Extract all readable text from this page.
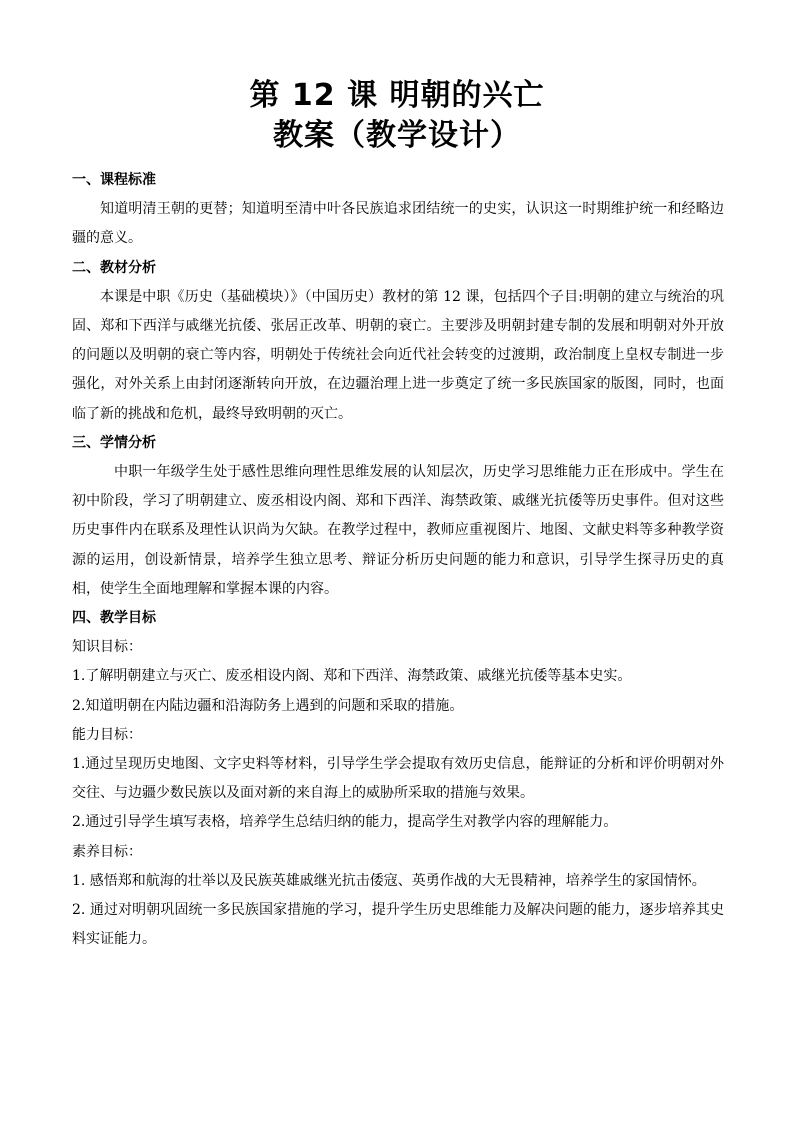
第 12 课 明朝的兴亡
教案（教学设计）

一、课程标准

知道明清王朝的更替；知道明至清中叶各民族追求团结统一的史实，认识这一时期维护统一和经略边疆的意义。

二、教材分析

本课是中职《历史（基础模块）》（中国历史）教材的第 12 课，包括四个子目:明朝的建立与统治的巩固、郑和下西洋与戚继光抗倭、张居正改革、明朝的衰亡。主要涉及明朝封建专制的发展和明朝对外开放的问题以及明朝的衰亡等内容，明朝处于传统社会向近代社会转变的过渡期，政治制度上皇权专制进一步强化，对外关系上由封闭逐渐转向开放，在边疆治理上进一步奠定了统一多民族国家的版图，同时，也面临了新的挑战和危机，最终导致明朝的灭亡。

三、学情分析

中职一年级学生处于感性思维向理性思维发展的认知层次，历史学习思维能力正在形成中。学生在初中阶段，学习了明朝建立、废丞相设内阁、郑和下西洋、海禁政策、戚继光抗倭等历史事件。但对这些历史事件内在联系及理性认识尚为欠缺。在教学过程中，教师应重视图片、地图、文献史料等多种教学资源的运用，创设新情景，培养学生独立思考、辩证分析历史问题的能力和意识，引导学生探寻历史的真相，使学生全面地理解和掌握本课的内容。

四、教学目标

知识目标：

1.了解明朝建立与灭亡、废丞相设内阁、郑和下西洋、海禁政策、戚继光抗倭等基本史实。

2.知道明朝在内陆边疆和沿海防务上遇到的问题和采取的措施。

能力目标：

1.通过呈现历史地图、文字史料等材料，引导学生学会提取有效历史信息，能辩证的分析和评价明朝对外交往、与边疆少数民族以及面对新的来自海上的威胁所采取的措施与效果。

2.通过引导学生填写表格，培养学生总结归纳的能力，提高学生对教学内容的理解能力。

素养目标：

1. 感悟郑和航海的壮举以及民族英雄戚继光抗击倭寇、英勇作战的大无畏精神，培养学生的家国情怀。

2. 通过对明朝巩固统一多民族国家措施的学习，提升学生历史思维能力及解决问题的能力，逐步培养其史料实证能力。
